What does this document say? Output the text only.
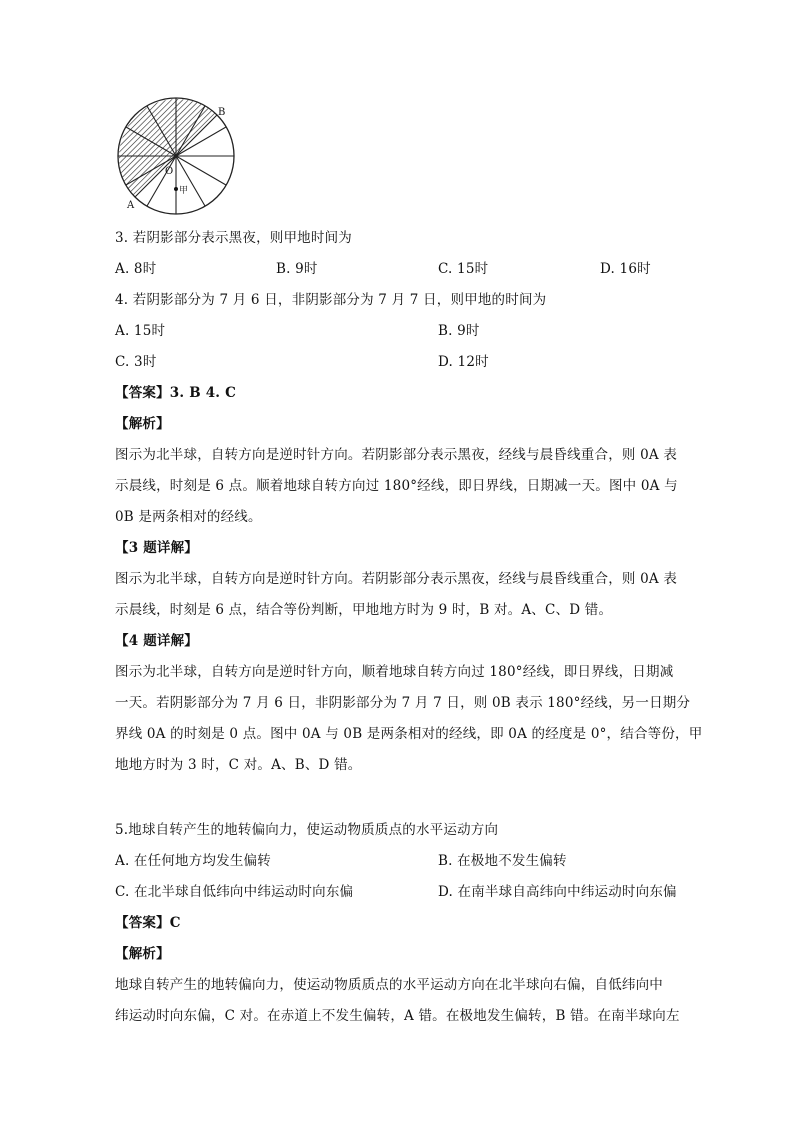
B
A
O
甲
3. 若阴影部分表示黑夜，则甲地时间为
A. 8时	B. 9时	C. 15时	D. 16时
4. 若阴影部分为 7 月 6 日，非阴影部分为 7 月 7 日，则甲地的时间为
A. 15时	B. 9时
C. 3时	D. 12时
【答案】3. B 4. C
【解析】
图示为北半球，自转方向是逆时针方向。若阴影部分表示黑夜，经线与晨昏线重合，则 0A 表
示晨线，时刻是 6 点。顺着地球自转方向过 180°经线，即日界线，日期减一天。图中 0A 与
0B 是两条相对的经线。
【3 题详解】
图示为北半球，自转方向是逆时针方向。若阴影部分表示黑夜，经线与晨昏线重合，则 0A 表
示晨线，时刻是 6 点，结合等份判断，甲地地方时为 9 时，B 对。A、C、D 错。
【4 题详解】
图示为北半球，自转方向是逆时针方向，顺着地球自转方向过 180°经线，即日界线，日期减
一天。若阴影部分为 7 月 6 日，非阴影部分为 7 月 7 日，则 0B 表示 180°经线，另一日期分
界线 0A 的时刻是 0 点。图中 0A 与 0B 是两条相对的经线，即 0A 的经度是 0°，结合等份，甲
地地方时为 3 时，C 对。A、B、D 错。
5.地球自转产生的地转偏向力，使运动物质质点的水平运动方向
A. 在任何地方均发生偏转	B. 在极地不发生偏转
C. 在北半球自低纬向中纬运动时向东偏	D. 在南半球自高纬向中纬运动时向东偏
【答案】C
【解析】
地球自转产生的地转偏向力，使运动物质质点的水平运动方向在北半球向右偏，自低纬向中
纬运动时向东偏，C 对。在赤道上不发生偏转，A 错。在极地发生偏转，B 错。在南半球向左
